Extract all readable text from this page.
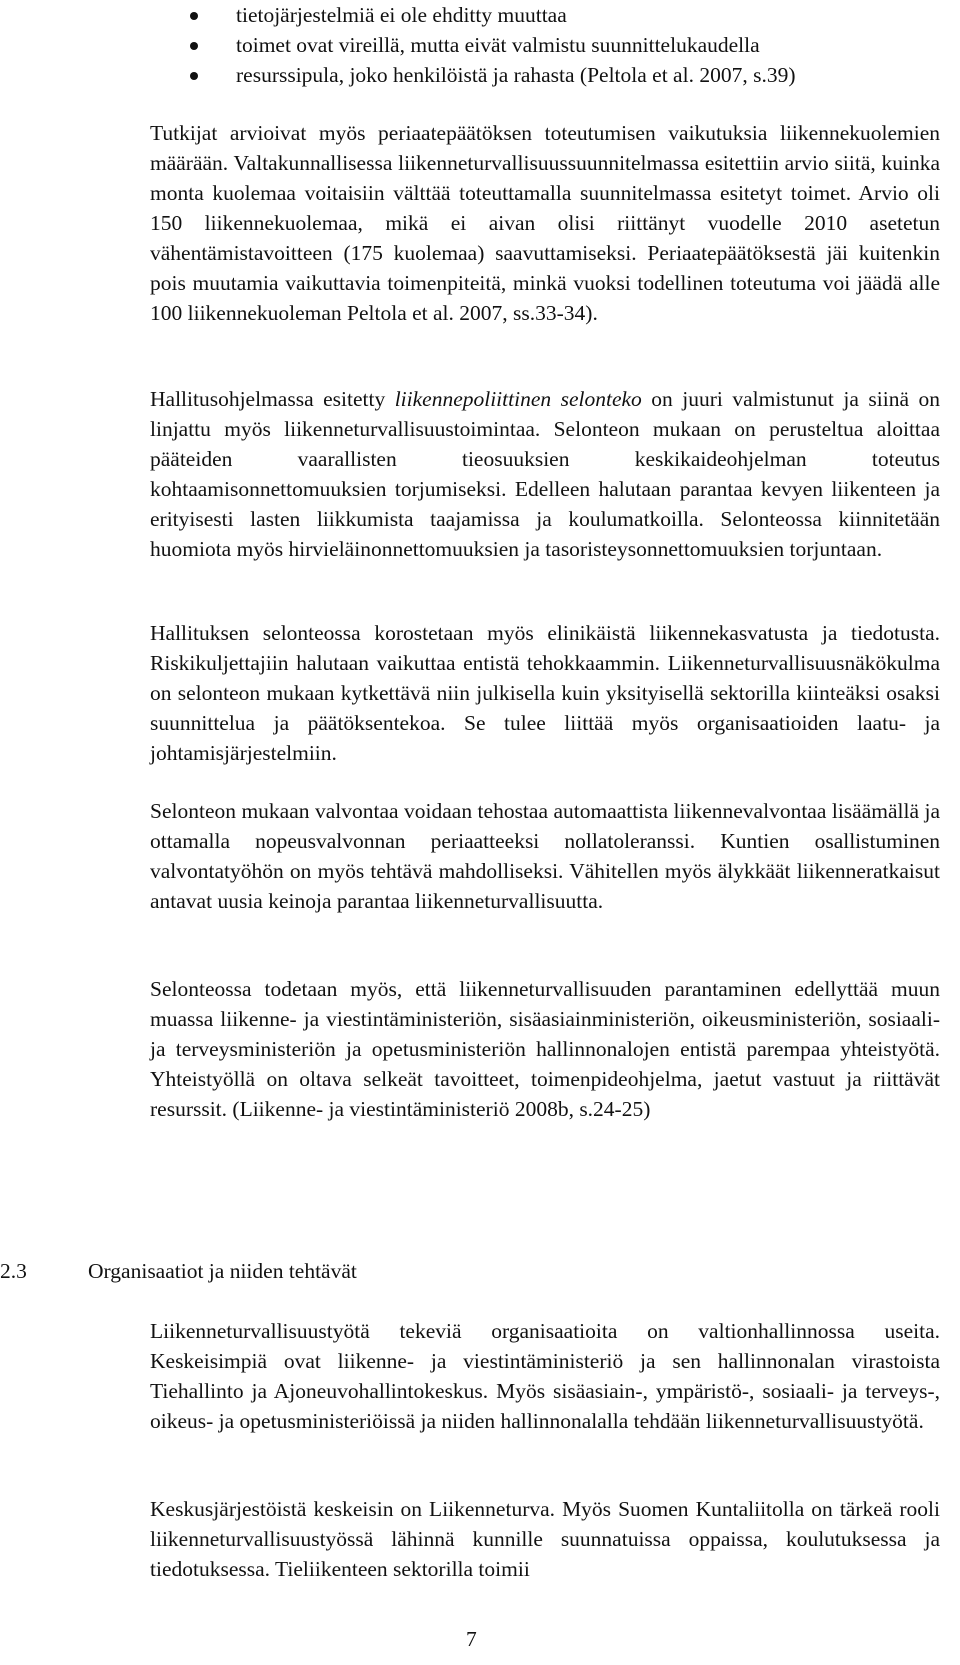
tietojärjestelmiä ei ole ehditty muuttaa
toimet ovat vireillä, mutta eivät valmistu suunnittelukaudella
resurssipula, joko henkilöistä ja rahasta (Peltola et al. 2007, s.39)

Tutkijat arvioivat myös periaatepäätöksen toteutumisen vaikutuksia liikennekuolemien määrään. Valtakunnallisessa liikenneturvallisuussuunnitelmassa esitettiin arvio siitä, kuinka monta kuolemaa voitaisiin välttää toteuttamalla suunnitelmassa esitetyt toimet. Arvio oli 150 liikennekuolemaa, mikä ei aivan olisi riittänyt vuodelle 2010 asetetun vähentämistavoitteen (175 kuolemaa) saavuttamiseksi. Periaatepäätöksestä jäi kuitenkin pois muutamia vaikuttavia toimenpiteitä, minkä vuoksi todellinen toteutuma voi jäädä alle 100 liikennekuoleman Peltola et al. 2007, ss.33-34).

Hallitusohjelmassa esitetty liikennepoliittinen selonteko on juuri valmistunut ja siinä on linjattu myös liikenneturvallisuustoimintaa. Selonteon mukaan on perusteltua aloittaa pääteiden vaarallisten tieosuuksien keskikaideohjelman toteutus kohtaamisonnettomuuksien torjumiseksi. Edelleen halutaan parantaa kevyen liikenteen ja erityisesti lasten liikkumista taajamissa ja koulumatkoilla. Selonteossa kiinnitetään huomiota myös hirvieläinonnettomuuksien ja tasoristeysonnettomuuksien torjuntaan.

Hallituksen selonteossa korostetaan myös elinikäistä liikennekasvatusta ja tiedotusta. Riskikuljettajiin halutaan vaikuttaa entistä tehokkaammin. Liikenneturvallisuusnäkökulma on selonteon mukaan kytkettävä niin julkisella kuin yksityisellä sektorilla kiinteäksi osaksi suunnittelua ja päätöksentekoa. Se tulee liittää myös organisaatioiden laatu- ja johtamisjärjestelmiin.

Selonteon mukaan valvontaa voidaan tehostaa automaattista liikennevalvontaa lisäämällä ja ottamalla nopeusvalvonnan periaatteeksi nollatoleranssi. Kuntien osallistuminen valvontatyöhön on myös tehtävä mahdolliseksi. Vähitellen myös älykkäät liikenneratkaisut antavat uusia keinoja parantaa liikenneturvallisuutta.

Selonteossa todetaan myös, että liikenneturvallisuuden parantaminen edellyttää muun muassa liikenne- ja viestintäministeriön, sisäasiainministeriön, oikeusministeriön, sosiaali- ja terveysministeriön ja opetusministeriön hallinnonalojen entistä parempaa yhteistyötä. Yhteistyöllä on oltava selkeät tavoitteet, toimenpideohjelma, jaetut vastuut ja riittävät resurssit. (Liikenne- ja viestintäministeriö 2008b, s.24-25)

2.3	Organisaatiot ja niiden tehtävät

Liikenneturvallisuustyötä tekeviä organisaatioita on valtionhallinnossa useita. Keskeisimpiä ovat liikenne- ja viestintäministeriö ja sen hallinnonalan virastoista Tiehallinto ja Ajoneuvohallintokeskus. Myös sisäasiain-, ympäristö-, sosiaali- ja terveys-, oikeus- ja opetusministeriöissä ja niiden hallinnonalalla tehdään liikenneturvallisuustyötä.

Keskusjärjestöistä keskeisin on Liikenneturva. Myös Suomen Kuntaliitolla on tärkeä rooli liikenneturvallisuustyössä lähinnä kunnille suunnatuissa oppaissa, koulutuksessa ja tiedotuksessa. Tieliikenteen sektorilla toimii

7
